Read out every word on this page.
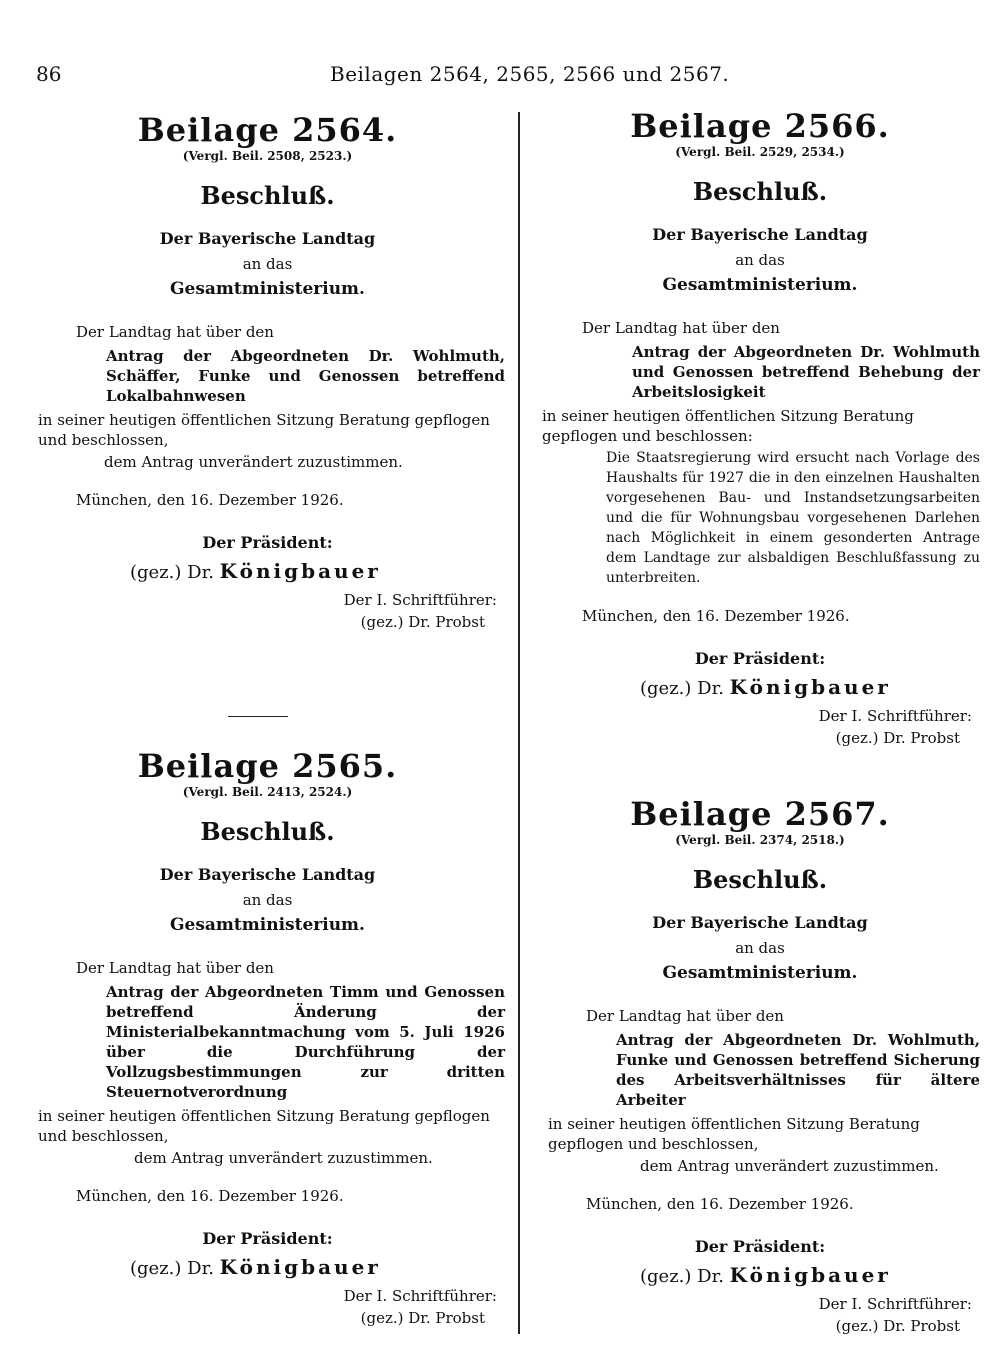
86	Beilagen 2564, 2565, 2566 und 2567.
Beilage 2564.
(Vergl. Beil. 2508, 2523.)
Beschluß.
Der Bayerische Landtag
an das
Gesamtministerium.
Der Landtag hat über den
Antrag der Abgeordneten Dr. Wohlmuth, Schäffer, Funke und Genossen betreffend Lokalbahnwesen
in seiner heutigen öffentlichen Sitzung Beratung gepflogen und beschlossen,
dem Antrag unverändert zuzustimmen.
München, den 16. Dezember 1926.
Der Präsident:
(gez.) Dr. Königbauer
Der I. Schriftführer:
(gez.) Dr. Probst
Beilage 2565.
(Vergl. Beil. 2413, 2524.)
Beschluß.
Der Bayerische Landtag
an das
Gesamtministerium.
Der Landtag hat über den
Antrag der Abgeordneten Timm und Genossen betreffend Änderung der Ministerialbekanntmachung vom 5. Juli 1926 über die Durchführung der Vollzugsbestimmungen zur dritten Steuernotverordnung
in seiner heutigen öffentlichen Sitzung Beratung gepflogen und beschlossen,
dem Antrag unverändert zuzustimmen.
München, den 16. Dezember 1926.
Der Präsident:
(gez.) Dr. Königbauer
Der I. Schriftführer:
(gez.) Dr. Probst
Beilage 2566.
(Vergl. Beil. 2529, 2534.)
Beschluß.
Der Bayerische Landtag
an das
Gesamtministerium.
Der Landtag hat über den
Antrag der Abgeordneten Dr. Wohlmuth und Genossen betreffend Behebung der Arbeitslosigkeit
in seiner heutigen öffentlichen Sitzung Beratung gepflogen und beschlossen:
Die Staatsregierung wird ersucht nach Vorlage des Haushalts für 1927 die in den einzelnen Haushalten vorgesehenen Bau- und Instandsetzungsarbeiten und die für Wohnungsbau vorgesehenen Darlehen nach Möglichkeit in einem gesonderten Antrage dem Landtage zur alsbaldigen Beschlußfassung zu unterbreiten.
München, den 16. Dezember 1926.
Der Präsident:
(gez.) Dr. Königbauer
Der I. Schriftführer:
(gez.) Dr. Probst
Beilage 2567.
(Vergl. Beil. 2374, 2518.)
Beschluß.
Der Bayerische Landtag
an das
Gesamtministerium.
Der Landtag hat über den
Antrag der Abgeordneten Dr. Wohlmuth, Funke und Genossen betreffend Sicherung des Arbeitsverhältnisses für ältere Arbeiter
in seiner heutigen öffentlichen Sitzung Beratung gepflogen und beschlossen,
dem Antrag unverändert zuzustimmen.
München, den 16. Dezember 1926.
Der Präsident:
(gez.) Dr. Königbauer
Der I. Schriftführer:
(gez.) Dr. Probst
